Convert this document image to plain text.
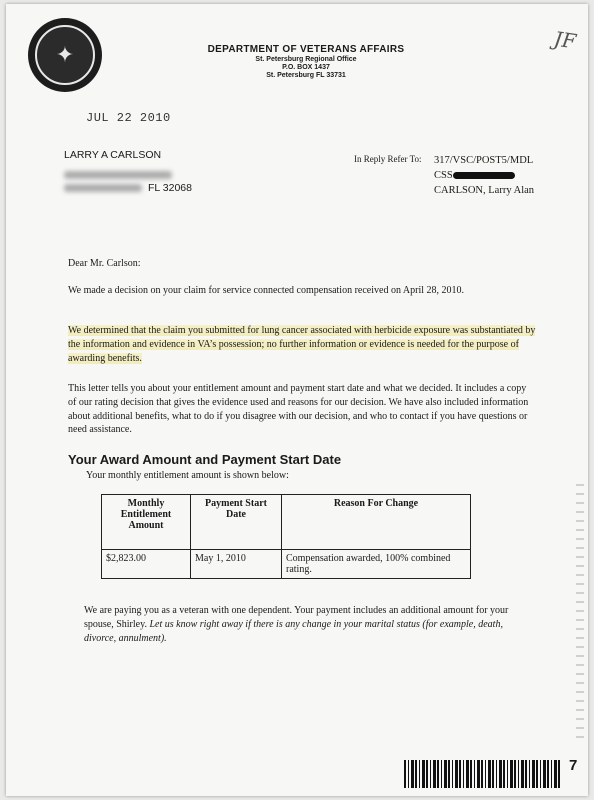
✦	DEPARTMENT OF VETERANS AFFAIRS
St. Petersburg Regional Office
P.O. BOX 1437
St. Petersburg FL 33731
JF
JUL 22 2010
LARRY A CARLSON
FL 32068
In Reply Refer To: 317/VSC/POST5/MDL
CSS
CARLSON, Larry Alan
Dear Mr. Carlson:
We made a decision on your claim for service connected compensation received on April 28, 2010.
We determined that the claim you submitted for lung cancer associated with herbicide exposure was substantiated by the information and evidence in VA’s possession; no further information or evidence is needed for the purpose of awarding benefits.
This letter tells you about your entitlement amount and payment start date and what we decided. It includes a copy of our rating decision that gives the evidence used and reasons for our decision. We have also included information about additional benefits, what to do if you disagree with our decision, and who to contact if you have questions or need assistance.
Your Award Amount and Payment Start Date
Your monthly entitlement amount is shown below:
Monthly Entitlement Amount	Payment Start Date	Reason For Change
$2,823.00	May 1, 2010	Compensation awarded, 100% combined rating.
We are paying you as a veteran with one dependent. Your payment includes an additional amount for your spouse, Shirley. Let us know right away if there is any change in your marital status (for example, death, divorce, annulment).
7
